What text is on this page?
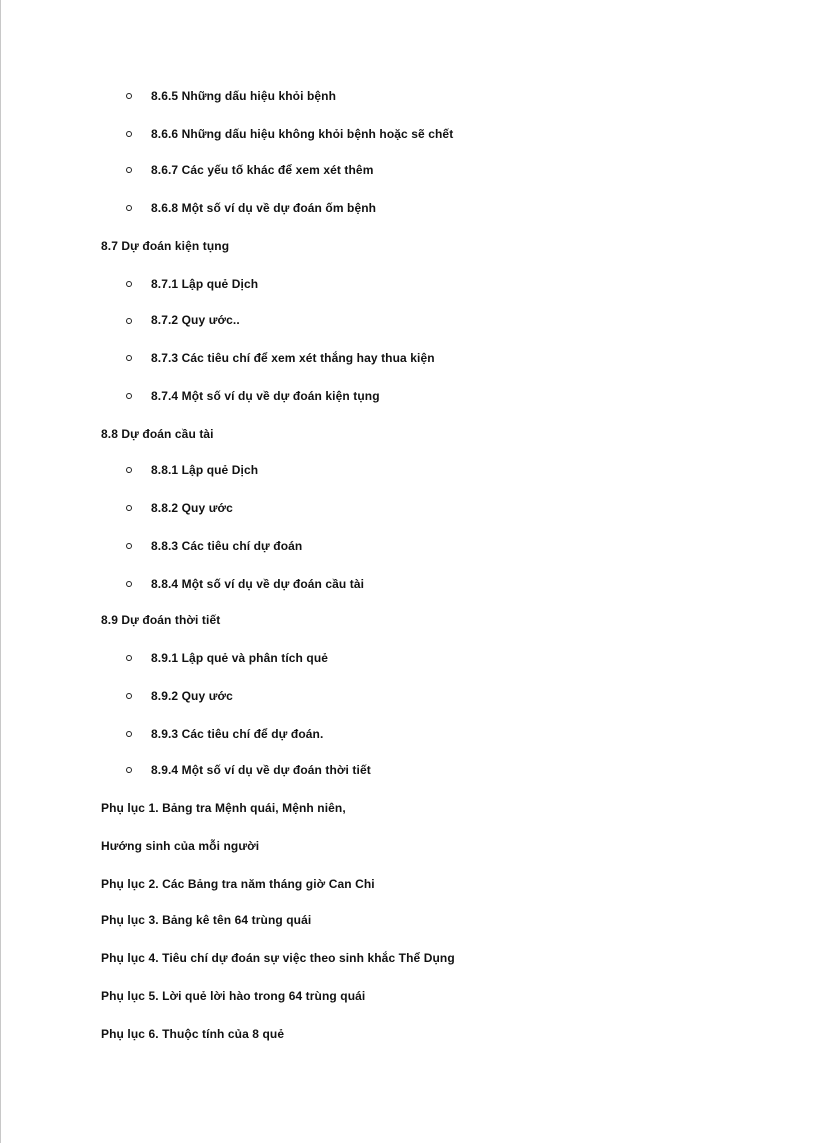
8.6.5 Những dấu hiệu khỏi bệnh
8.6.6 Những dấu hiệu không khỏi bệnh hoặc sẽ chết
8.6.7 Các yếu tố khác để xem xét thêm
8.6.8 Một số ví dụ về dự đoán ốm bệnh
8.7 Dự đoán kiện tụng
8.7.1 Lập quẻ Dịch
8.7.2 Quy ước..
8.7.3 Các tiêu chí để xem xét thắng hay thua kiện
8.7.4 Một số ví dụ về dự đoán kiện tụng
8.8 Dự đoán cầu tài
8.8.1 Lập quẻ Dịch
8.8.2 Quy ước
8.8.3 Các tiêu chí dự đoán
8.8.4 Một số ví dụ về dự đoán cầu tài
8.9 Dự đoán thời tiết
8.9.1 Lập quẻ và phân tích quẻ
8.9.2 Quy ước
8.9.3 Các tiêu chí để dự đoán.
8.9.4 Một số ví dụ về dự đoán thời tiết
Phụ lục 1. Bảng tra Mệnh quái, Mệnh niên,
Hướng sinh của mỗi người
Phụ lục 2. Các Bảng tra năm tháng giờ Can Chi
Phụ lục 3. Bảng kê tên 64 trùng quái
Phụ lục 4. Tiêu chí dự đoán sự việc theo sinh khắc Thể Dụng
Phụ lục 5. Lời quẻ lời hào trong 64 trùng quái
Phụ lục 6. Thuộc tính của 8 quẻ
